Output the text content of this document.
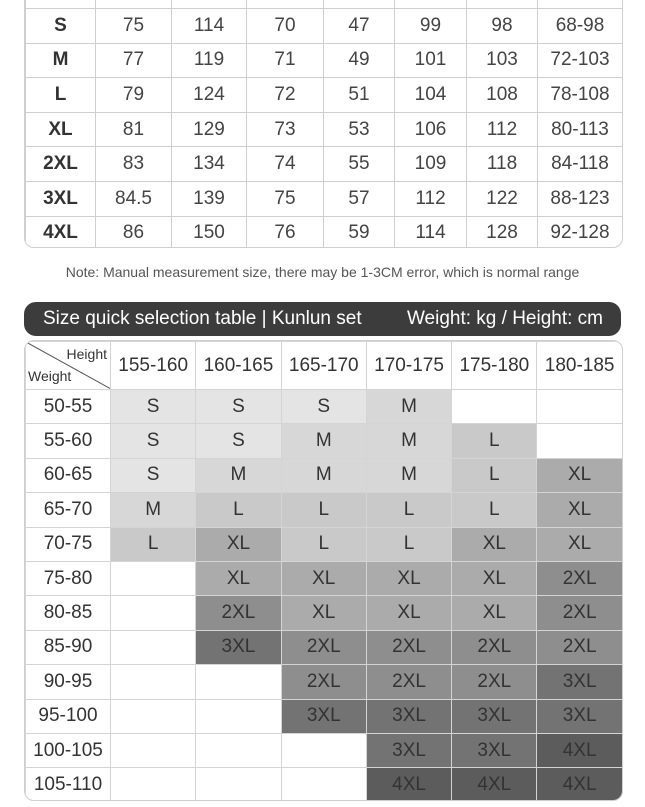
S	75	114	70	47	99	98	68-98
M	77	119	71	49	101	103	72-103
L	79	124	72	51	104	108	78-108
XL	81	129	73	53	106	112	80-113
2XL	83	134	74	55	109	118	84-118
3XL	84.5	139	75	57	112	122	88-123
4XL	86	150	76	59	114	128	92-128
Note: Manual measurement size, there may be 1-3CM error, which is normal range
Size quick selection table | Kunlun set Weight: kg / Height: cm
Height
Weight	155-160	160-165	165-170	170-175	175-180	180-185
50-55	S	S	S	M		
55-60	S	S	M	M	L	
60-65	S	M	M	M	L	XL
65-70	M	L	L	L	L	XL
70-75	L	XL	L	L	XL	XL
75-80		XL	XL	XL	XL	2XL
80-85		2XL	XL	XL	XL	2XL
85-90		3XL	2XL	2XL	2XL	2XL
90-95			2XL	2XL	2XL	3XL
95-100			3XL	3XL	3XL	3XL
100-105				3XL	3XL	4XL
105-110				4XL	4XL	4XL
